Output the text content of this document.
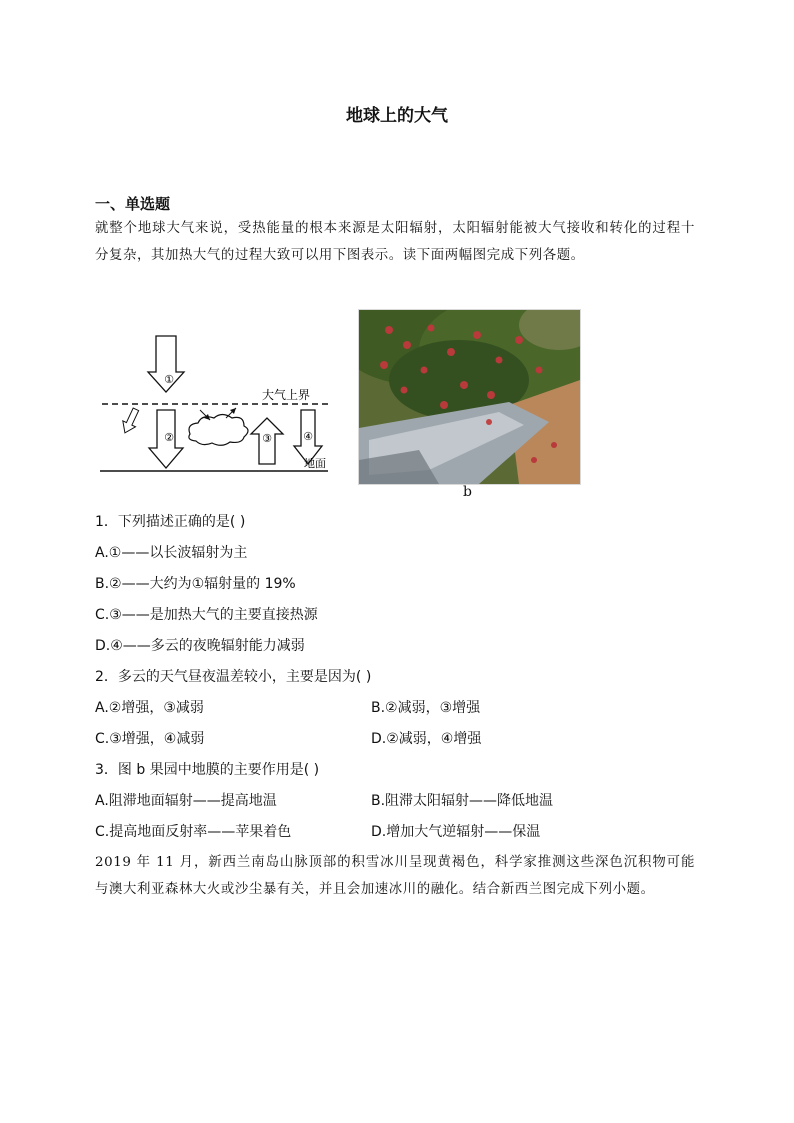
地球上的大气
一、单选题

就整个地球大气来说，受热能量的根本来源是太阳辐射，太阳辐射能被大气接收和转化的过程十分复杂，其加热大气的过程大致可以用下图表示。读下面两幅图完成下列各题。

①
大气上界
②	③	④
地面
b
1．下列描述正确的是( )
A.①——以长波辐射为主
B.②——大约为①辐射量的 19%
C.③——是加热大气的主要直接热源
D.④——多云的夜晚辐射能力减弱
2．多云的天气昼夜温差较小，主要是因为( )
A.②增强，③减弱	B.②减弱，③增强
C.③增强，④减弱	D.②减弱，④增强
3．图 b 果园中地膜的主要作用是( )
A.阻滞地面辐射——提高地温	B.阻滞太阳辐射——降低地温
C.提高地面反射率——苹果着色	D.增加大气逆辐射——保温

2019 年 11 月，新西兰南岛山脉顶部的积雪冰川呈现黄褐色，科学家推测这些深色沉积物可能与澳大利亚森林大火或沙尘暴有关，并且会加速冰川的融化。结合新西兰图完成下列小题。
